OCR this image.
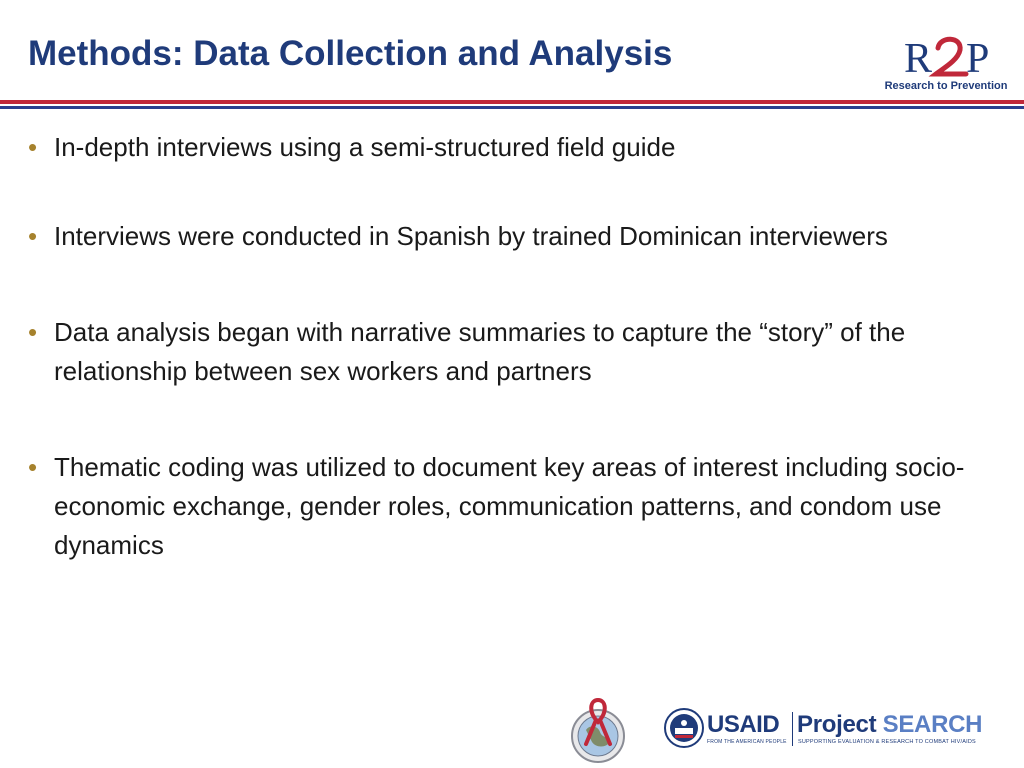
Methods: Data Collection and Analysis	R P
Research to Prevention
• In-depth interviews using a semi-structured field guide
• Interviews were conducted in Spanish by trained Dominican interviewers
• Data analysis began with narrative summaries to capture the “story” of the relationship between sex workers and partners
• Thematic coding was utilized to document key areas of interest including socio-economic exchange, gender roles, communication patterns, and condom use dynamics
USAID
FROM THE AMERICAN PEOPLE
Project SEARCH
SUPPORTING EVALUATION & RESEARCH TO COMBAT HIV/AIDS
